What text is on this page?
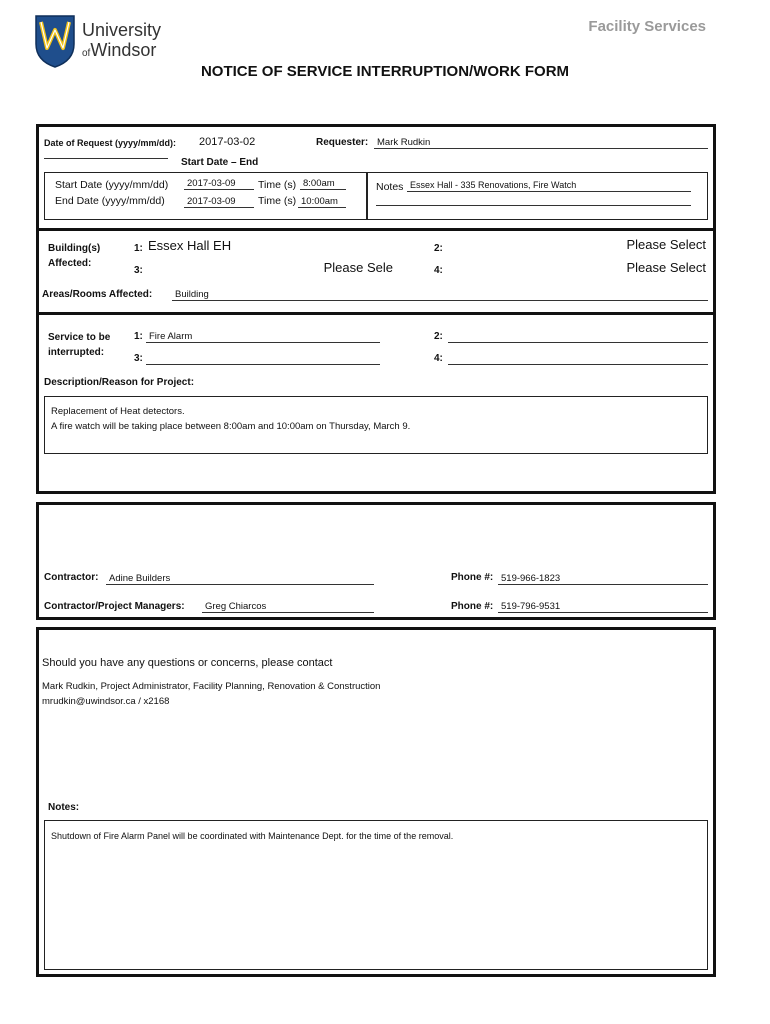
University
ofWindsor
Facility Services
NOTICE OF SERVICE INTERRUPTION/WORK FORM
Date of Request (yyyy/mm/dd): 2017-03-02	Requester: Mark Rudkin
Start Date – End
Start Date (yyyy/mm/dd)	2017-03-09	Time (s) 8:00am
End Date (yyyy/mm/dd)	2017-03-09	Time (s) 10:00am
Notes Essex Hall - 335 Renovations, Fire Watch
Building(s)
Affected:
1: Essex Hall EH	2:	Please Select
3:	Please Sele	4:	Please Select
Areas/Rooms Affected:	Building
Service to be
interrupted:
1: Fire Alarm	2:
3:	4:
Description/Reason for Project:
Replacement of Heat detectors.
A fire watch will be taking place between 8:00am and 10:00am on Thursday, March 9.
Contractor:	Adine Builders	Phone #: 519-966-1823
Contractor/Project Managers:	Greg Chiarcos	Phone #: 519-796-9531
Should you have any questions or concerns, please contact
Mark Rudkin, Project Administrator, Facility Planning, Renovation & Construction
mrudkin@uwindsor.ca / x2168
Notes:
Shutdown of Fire Alarm Panel will be coordinated with Maintenance Dept. for the time of the removal.
